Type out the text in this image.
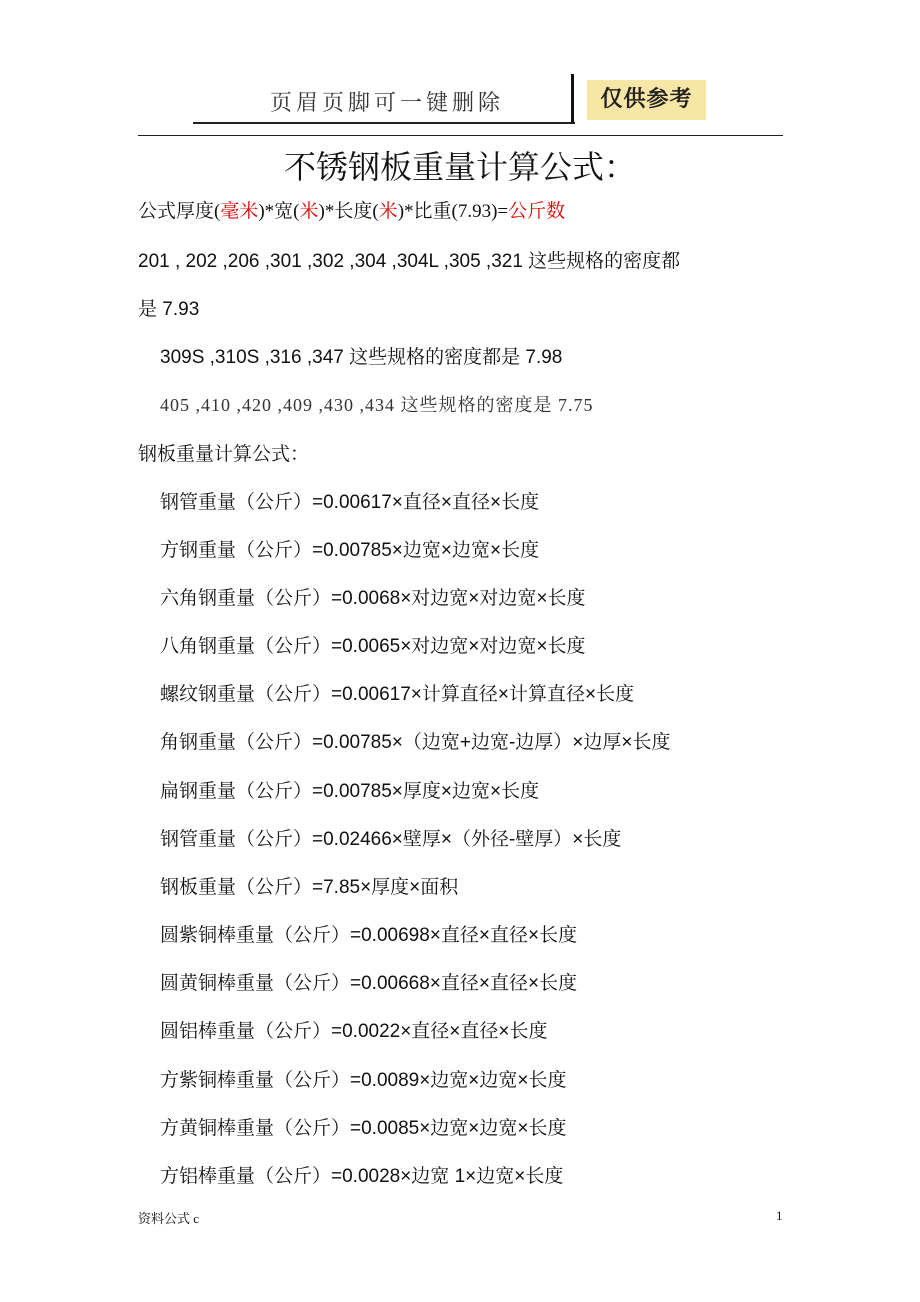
页眉页脚可一键删除	仅供参考
不锈钢板重量计算公式：
公式厚度(毫米)*宽(米)*长度(米)*比重(7.93)=公斤数
201 , 202 ,206 ,301 ,302 ,304 ,304L ,305 ,321 这些规格的密度都
是 7.93
309S ,310S ,316 ,347 这些规格的密度都是 7.98
405 ,410 ,420 ,409 ,430 ,434 这些规格的密度是 7.75
钢板重量计算公式：
钢管重量（公斤）=0.00617×直径×直径×长度
方钢重量（公斤）=0.00785×边宽×边宽×长度
六角钢重量（公斤）=0.0068×对边宽×对边宽×长度
八角钢重量（公斤）=0.0065×对边宽×对边宽×长度
螺纹钢重量（公斤）=0.00617×计算直径×计算直径×长度
角钢重量（公斤）=0.00785×（边宽+边宽-边厚）×边厚×长度
扁钢重量（公斤）=0.00785×厚度×边宽×长度
钢管重量（公斤）=0.02466×壁厚×（外径-壁厚）×长度
钢板重量（公斤）=7.85×厚度×面积
圆紫铜棒重量（公斤）=0.00698×直径×直径×长度
圆黄铜棒重量（公斤）=0.00668×直径×直径×长度
圆铝棒重量（公斤）=0.0022×直径×直径×长度
方紫铜棒重量（公斤）=0.0089×边宽×边宽×长度
方黄铜棒重量（公斤）=0.0085×边宽×边宽×长度
方铝棒重量（公斤）=0.0028×边宽 1×边宽×长度
资料公式 c	1
